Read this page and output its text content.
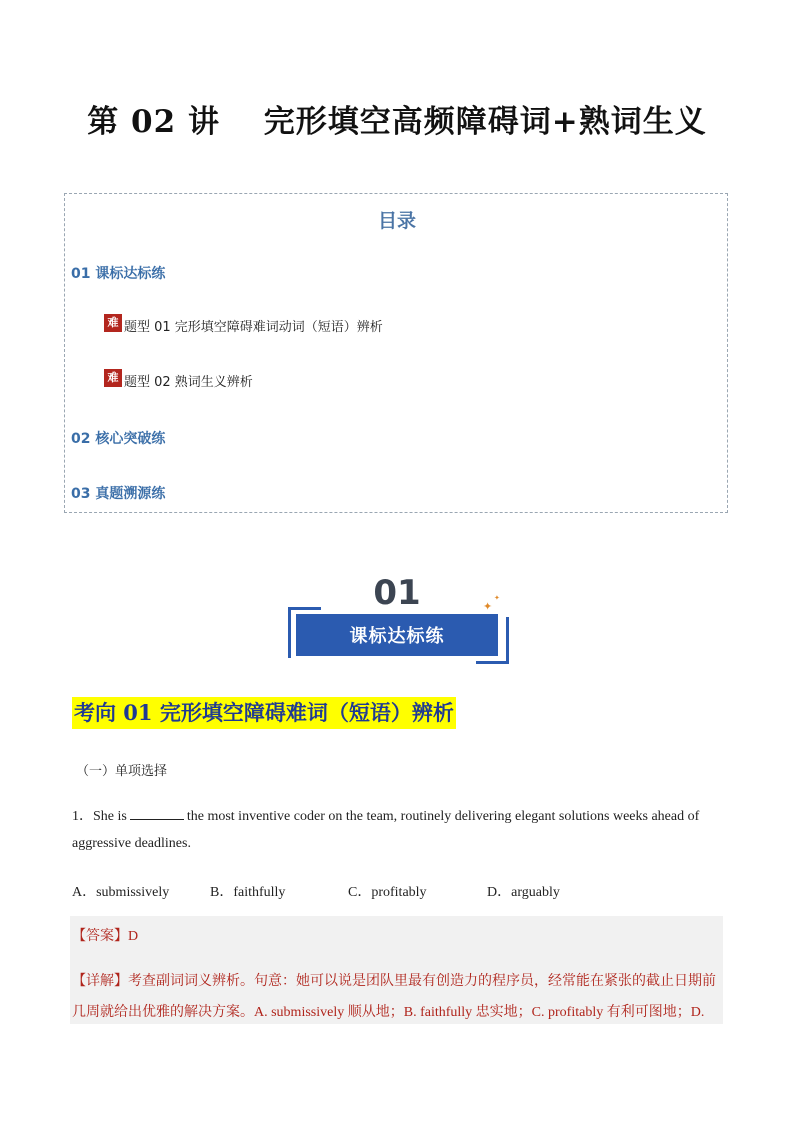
第 02 讲　 完形填空高频障碍词+熟词生义
目录
01 课标达标练
难 题型 01 完形填空障碍难词动词（短语）辨析
难 题型 02 熟词生义辨析
02 核心突破练
03 真题溯源练
01
课标达标练
✦
✦
考向 01 完形填空障碍难词（短语）辨析
（一）单项选择
1．She is	the most inventive coder on the team, routinely delivering elegant solutions weeks ahead of
aggressive deadlines.
A．submissively	B．faithfully	C．profitably	D．arguably
【答案】D
【详解】考查副词词义辨析。句意：她可以说是团队里最有创造力的程序员，经常能在紧张的截止日期前
几周就给出优雅的解决方案。A. submissively 顺从地；B. faithfully 忠实地；C. profitably 有利可图地；D.
